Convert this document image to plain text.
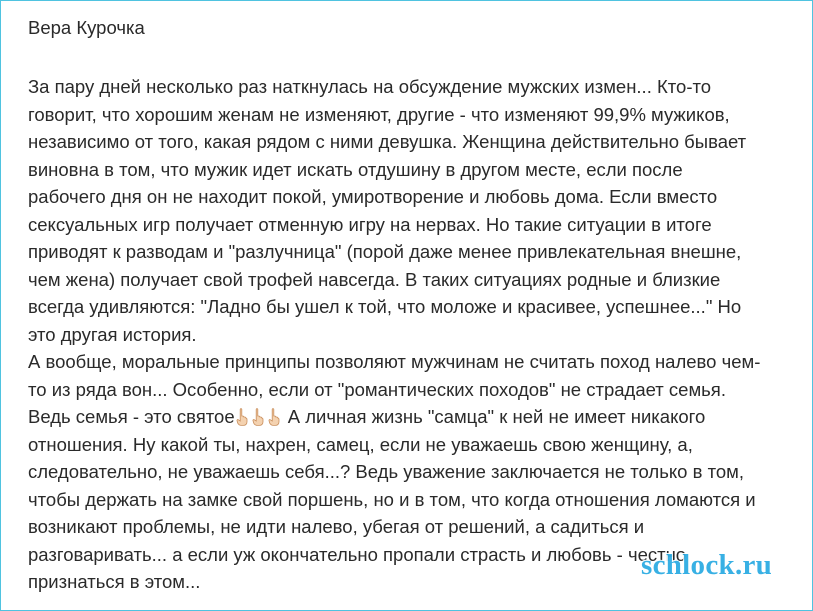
Вера Курочка
За пару дней несколько раз наткнулась на обсуждение мужских измен... Кто-то
говорит, что хорошим женам не изменяют, другие - что изменяют 99,9% мужиков,
независимо от того, какая рядом с ними девушка. Женщина действительно бывает
виновна в том, что мужик идет искать отдушину в другом месте, если после
рабочего дня он не находит покой, умиротворение и любовь дома. Если вместо
сексуальных игр получает отменную игру на нервах. Но такие ситуации в итоге
приводят к разводам и "разлучница" (порой даже менее привлекательная внешне,
чем жена) получает свой трофей навсегда. В таких ситуациях родные и близкие
всегда удивляются: "Ладно бы ушел к той, что моложе и красивее, успешнее..." Но
это другая история.
А вообще, моральные принципы позволяют мужчинам не считать поход налево чем-
то из ряда вон... Особенно, если от "романтических походов" не страдает семья.
Ведь семья - это святое	А личная жизнь "самца" к ней не имеет никакого
отношения. Ну какой ты, нахрен, самец, если не уважаешь свою женщину, а,
следовательно, не уважаешь себя...? Ведь уважение заключается не только в том,
чтобы держать на замке свой поршень, но и в том, что когда отношения ломаются и
возникают проблемы, не идти налево, убегая от решений, а садиться и
разговаривать... а если уж окончательно пропали страсть и любовь - честно
признаться в этом...
schlock.ru
